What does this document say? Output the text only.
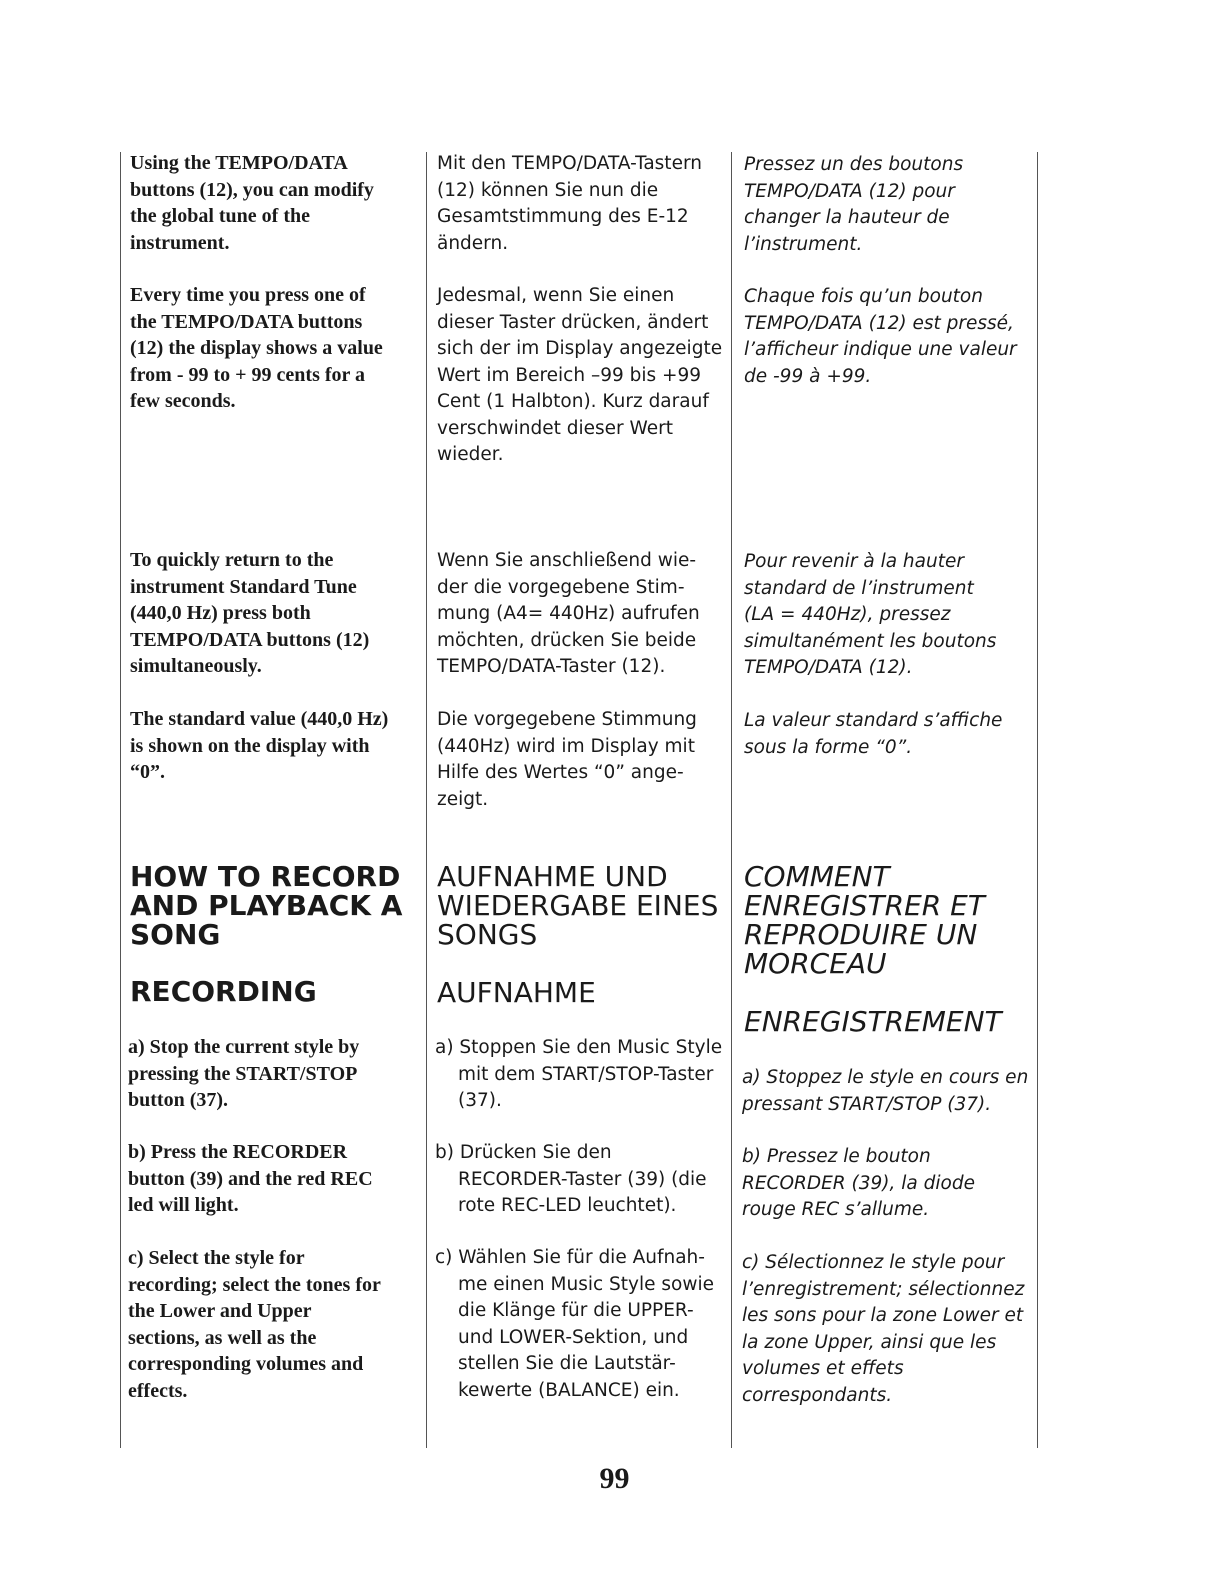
Using the TEMPO/DATA
buttons (12), you can modify
the global tune of the
instrument.

Every time you press one of
the TEMPO/DATA buttons
(12) the display shows a value
from - 99 to + 99 cents for a
few seconds.

Mit den TEMPO/DATA-Tastern
(12) können Sie nun die
Gesamtstimmung des E-12
ändern.

Jedesmal, wenn Sie einen
dieser Taster drücken, ändert
sich der im Display angezeigte
Wert im Bereich –99 bis +99
Cent (1 Halbton). Kurz darauf
verschwindet dieser Wert
wieder.

Pressez un des boutons
TEMPO/DATA (12) pour
changer la hauteur de
l’instrument.

Chaque fois qu’un bouton
TEMPO/DATA (12) est pressé,
l’afficheur indique une valeur
de -99 à +99.

To quickly return to the
instrument Standard Tune
(440,0 Hz) press both
TEMPO/DATA buttons (12)
simultaneously.

The standard value (440,0 Hz)
is shown on the display with
“0”.

Wenn Sie anschließend wie-
der die vorgegebene Stim-
mung (A4= 440Hz) aufrufen
möchten, drücken Sie beide
TEMPO/DATA-Taster (12).

Die vorgegebene Stimmung
(440Hz) wird im Display mit
Hilfe des Wertes “0” ange-
zeigt.

Pour revenir à la hauter
standard de l’instrument
(LA = 440Hz), pressez
simultanément les boutons
TEMPO/DATA (12).

La valeur standard s’affiche
sous la forme “0”.

HOW TO RECORD
AND PLAYBACK A
SONG

RECORDING

AUFNAHME UND
WIEDERGABE EINES
SONGS

AUFNAHME

COMMENT
ENREGISTRER ET
REPRODUIRE UN
MORCEAU

ENREGISTREMENT

a) Stop the current style by
pressing the START/STOP
button (37).

b) Press the RECORDER
button (39) and the red REC
led will light.

c) Select the style for
recording; select the tones for
the Lower and Upper
sections, as well as the
corresponding volumes and
effects.

a) Stoppen Sie den Music Style
mit dem START/STOP-Taster
(37).

b) Drücken Sie den
RECORDER-Taster (39) (die
rote REC-LED leuchtet).

c) Wählen Sie für die Aufnah-
me einen Music Style sowie
die Klänge für die UPPER-
und LOWER-Sektion, und
stellen Sie die Lautstär-
kewerte (BALANCE) ein.

a) Stoppez le style en cours en
pressant START/STOP (37).

b) Pressez le bouton
RECORDER (39), la diode
rouge REC s’allume.

c) Sélectionnez le style pour
l’enregistrement; sélectionnez
les sons pour la zone Lower et
la zone Upper, ainsi que les
volumes et effets
correspondants.

99
